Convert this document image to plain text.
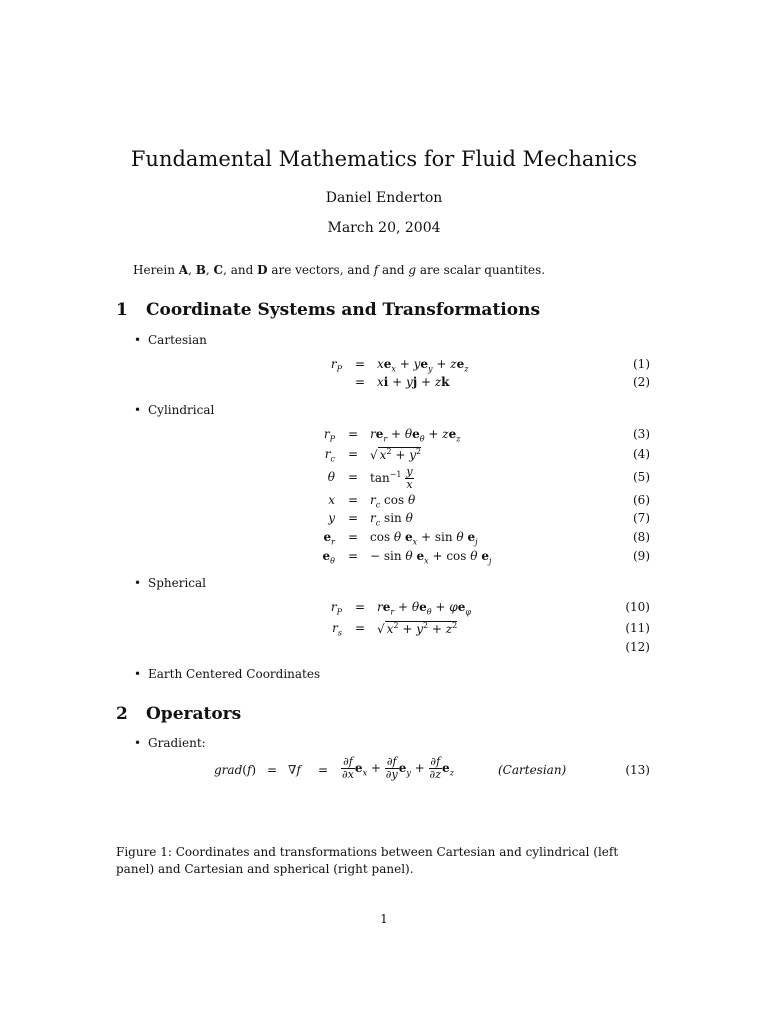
Fundamental Mathematics for Fluid Mechanics
Daniel Enderton
March 20, 2004
Herein A, B, C, and D are vectors, and f and g are scalar quantites.
1 Coordinate Systems and Transformations
• Cartesian
$r_P$	= $xe_x + ye_y + ze_z$	(1)
= xi + yj + zk	(2)
• Cylindrical
$r_P$	= $re_r + \theta e_\theta + ze_z$	(3)
$r_c$	= √ $x^2 + y^2$	(4)
θ	= $\tan^{-1} \frac{y}{x}$	(5)
x	= $r_c$ cos θ	(6)
y	= $r_c$ sin θ	(7)
$e_r$	= cos θ $e_x + \sin \theta$ $e_j$	(8)
$e_\theta$	= − sin θ $e_x + \cos \theta$ $e_j$	(9)
• Spherical
$r_P$	= $re_r + \theta e_\theta + \varphi e_\varphi$	(10)
$r_s$	= √ $x^2 + y^2 + z^2$	(11)
(12)
• Earth Centered Coordinates
2 Operators
• Gradient:
grad(f) = ∇f	=	$\frac{\partial f}{\partial x} e_x + \frac{\partial f}{\partial y} e_y + \frac{\partial f}{\partial z} e_z$	(Cartesian)	(13)
Figure 1: Coordinates and transformations between Cartesian and cylindrical (left panel) and Cartesian and spherical (right panel).
1
